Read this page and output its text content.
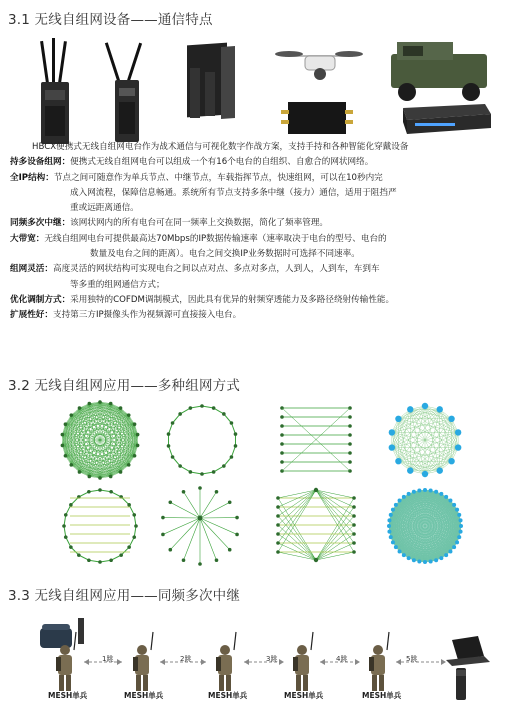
3.1 无线自组网设备——通信特点
HBCX便携式无线自组网电台作为战术通信与可视化数字作战方案，支持手持和各种智能化穿戴设备
持多设备组网：便携式无线自组网电台可以组成一个有16个电台的自组织、自愈合的网状网络。
全IP结构：节点之间可随意作为单兵节点、中继节点，车载指挥节点，快速组网，可以在10秒内完
成入网流程，保障信息畅通。系统所有节点支持多条中继（接力）通信，适用于阻挡严
重或远距离通信。
同频多次中继：该网状网内的所有电台可在同一频率上交换数据，简化了频率管理。
大带宽：无线自组网电台可提供最高达70Mbps的IP数据传输速率（速率取决于电台的型号、电台的
数量及电台之间的距离）。电台之间交换IP业务数据时可选择不同速率。
组网灵活：高度灵活的网状结构可实现电台之间以点对点、多点对多点，人到人，人到车，车到车
等多重的组网通信方式；
优化调制方式：采用独特的COFDM调制模式，因此具有优异的射频穿透能力及多路径绕射传输性能。
扩展性好：支持第三方IP摄像头作为视频源可直接接入电台。
3.2 无线自组网应用——多种组网方式
3.3 无线自组网应用——同频多次中继
1跳	2跳	3跳	4跳	5跳
MESH单兵	MESH单兵	MESH单兵	MESH单兵	MESH单兵
